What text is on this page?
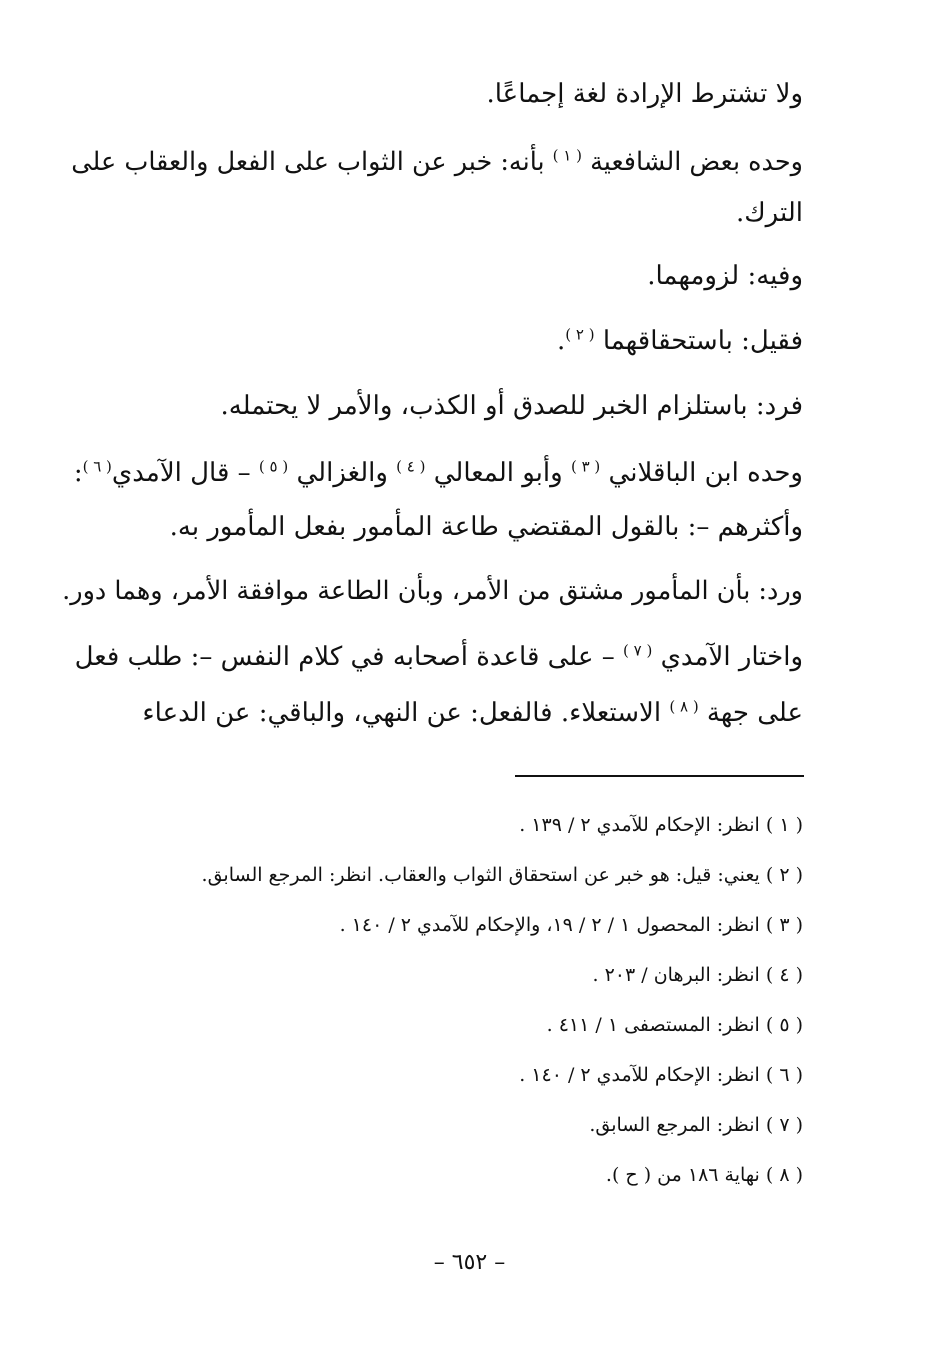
ولا تشترط الإرادة لغة إجماعًا.

وحده بعض الشافعية $^{( ١ )}$ بأنه: خبر عن الثواب على الفعل والعقاب على

الترك.

وفيه: لزومهما.

فقيل: باستحقاقهما $^{( ٢ )}$.

فرد: باستلزام الخبر للصدق أو الكذب، والأمر لا يحتمله.

وحده ابن الباقلاني $^{( ٣ )}$ وأبو المعالي $^{( ٤ )}$ والغزالي $^{( ٥ )}$ – قال الآمدي$^{( ٦ )}$:

وأكثرهم –: بالقول المقتضي طاعة المأمور بفعل المأمور به.

ورد: بأن المأمور مشتق من الأمر، وبأن الطاعة موافقة الأمر، وهما دور.

واختار الآمدي $^{( ٧ )}$ – على قاعدة أصحابه في كلام النفس –: طلب فعل

على جهة $^{( ٨ )}$ الاستعلاء. فالفعل: عن النهي، والباقي: عن الدعاء

( ١ ) انظر: الإحكام للآمدي ٢ / ١٣٩ .

( ٢ ) يعني: قيل: هو خبر عن استحقاق الثواب والعقاب. انظر: المرجع السابق.

( ٣ ) انظر: المحصول ١ / ٢ / ١٩، والإحكام للآمدي ٢ / ١٤٠ .

( ٤ ) انظر: البرهان / ٢٠٣ .

( ٥ ) انظر: المستصفى ١ / ٤١١ .

( ٦ ) انظر: الإحكام للآمدي ٢ / ١٤٠ .

( ٧ ) انظر: المرجع السابق.

( ٨ ) نهاية ١٨٦ من ( ح ).

– ٦٥٢ –
